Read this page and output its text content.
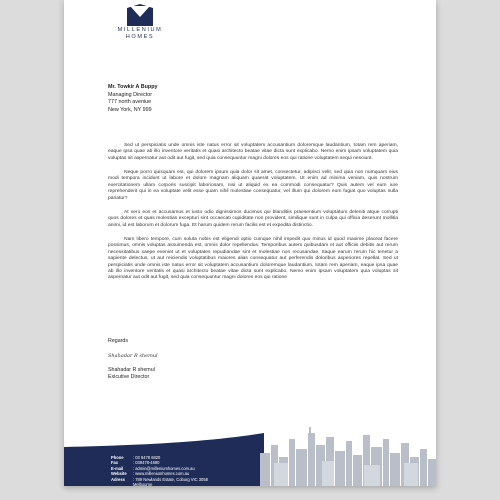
MILLENIUM
HOMES
Mr. Towkir A Buppy
Managing Director
777 north aveniue
New York, NY 999

Sed ut perspiciatis unde omnis iste natus error sit voluptatem accusantium doloremque laudantium, totam rem aperiam, eaque ipsa quae ab illo inventore veritatis et quasi architecto beatae vitae dicta sunt explicabo. Nemo enim ipsam voluptatem quia voluptas sit aspernatur aut odit aut fugit, sed quia consequuntur magni dolores eos qui ratione voluptatem sequi nesciunt.

Neque porro quisquam est, qui dolorem ipsum quia dolor sit amet, consectetur, adipisci velit, sed quia non numquam eius modi tempora incidunt ut labore et dolore magnam aliquam quaerat voluptatem. Ut enim ad minima veniam, quis nostrum exercitationem ullam corporis suscipit laboriosam, nisi ut aliquid ex ea commodi consequatur? Quis autem vel eum iure reprehenderit qui in ea voluptate velit esse quam nihil molestiae consequatur, vel illum qui dolorem eum fugiat quo voluptas nulla pariatur?

At vero eos et accusamus et iusto odio dignissimos ducimus qui blanditiis praesentium voluptatum deleniti atque corrupti quos dolores et quas molestias excepturi sint occaecati cupiditate non provident, similique sunt in culpa qui officia deserunt mollitia animi, id est laborum et dolorum fuga. Et harum quidem rerum facilis est et expedita distinctio.

Nam libero tempore, cum soluta nobis est eligendi optio cumque nihil impedit quo minus id quod maxime placeat facere possimus, omnis voluptas assumenda est, omnis dolor repellendus. Temporibus autem quibusdam et aut officiis debitis aut rerum necessitatibus saepe eveniet ut et voluptates repudiandae sint et molestiae non recusandae. Itaque earum rerum hic tenetur a sapiente delectus, ut aut reiciendis voluptatibus maiores alias consequatur aut perferendis doloribus asperiores repellat. Sed ut perspiciatis unde omnis iste natus error sit voluptatem accusantium doloremque laudantium, totam rem aperiam, eaque ipsa quae ab illo inventore veritatis et quasi architecto beatae vitae dicta sunt explicabo. Nemo enim ipsam voluptatem quia voluptas sit aspernatur aut odit aut fugit, sed quia consequuntur magni dolores eos qui ratione

Regards
Shahadar R shemul
Shahadar R shemul
Exicutive Director
Phone	: 03 9478 6820
Fax	: 039478-4690
E-mail	: admin@milleniumhomes.com.au
Website	: www.milleniumhomes.com.au
Adress	: 789 Newlands Estate, Coburg VIC 3058
Melbourne
